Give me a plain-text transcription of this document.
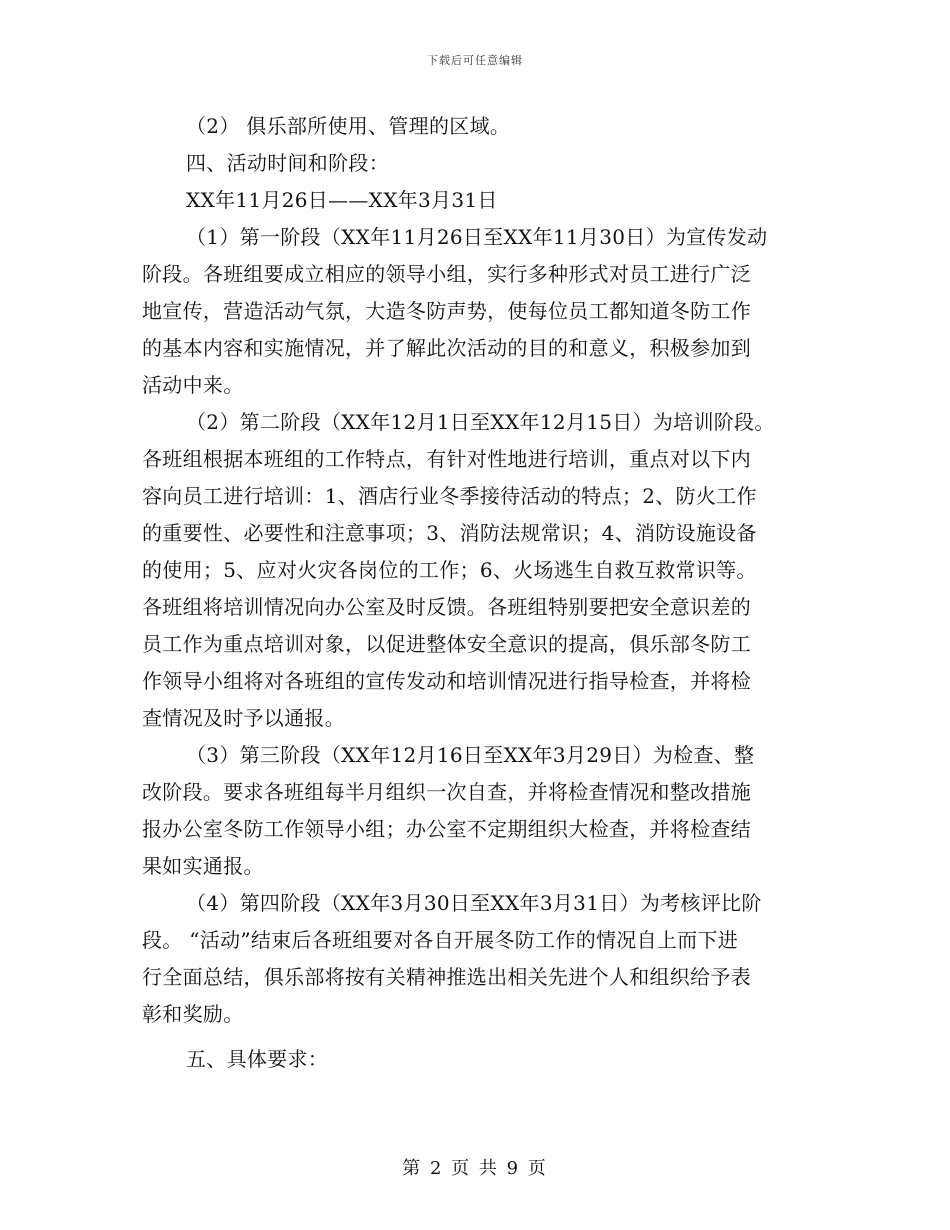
下载后可任意编辑
（2） 俱乐部所使用、管理的区域。
四、活动时间和阶段：
XX年11月26日——XX年3月31日
（1）第一阶段（XX年11月26日至XX年11月30日）为宣传发动
阶段。各班组要成立相应的领导小组，实行多种形式对员工进行广泛
地宣传，营造活动气氛，大造冬防声势，使每位员工都知道冬防工作
的基本内容和实施情况，并了解此次活动的目的和意义，积极参加到
活动中来。
（2）第二阶段（XX年12月1日至XX年12月15日）为培训阶段。
各班组根据本班组的工作特点，有针对性地进行培训，重点对以下内
容向员工进行培训：1、酒店行业冬季接待活动的特点；2、防火工作
的重要性、必要性和注意事项；3、消防法规常识；4、消防设施设备
的使用；5、应对火灾各岗位的工作；6、火场逃生自救互救常识等。
各班组将培训情况向办公室及时反馈。各班组特别要把安全意识差的
员工作为重点培训对象，以促进整体安全意识的提高，俱乐部冬防工
作领导小组将对各班组的宣传发动和培训情况进行指导检查，并将检
查情况及时予以通报。
（3）第三阶段（XX年12月16日至XX年3月29日）为检查、整
改阶段。要求各班组每半月组织一次自查，并将检查情况和整改措施
报办公室冬防工作领导小组；办公室不定期组织大检查，并将检查结
果如实通报。
（4）第四阶段（XX年3月30日至XX年3月31日）为考核评比阶
段。 “活动”结束后各班组要对各自开展冬防工作的情况自上而下进
行全面总结，俱乐部将按有关精神推选出相关先进个人和组织给予表
彰和奖励。
五、具体要求：
第 2 页 共 9 页
